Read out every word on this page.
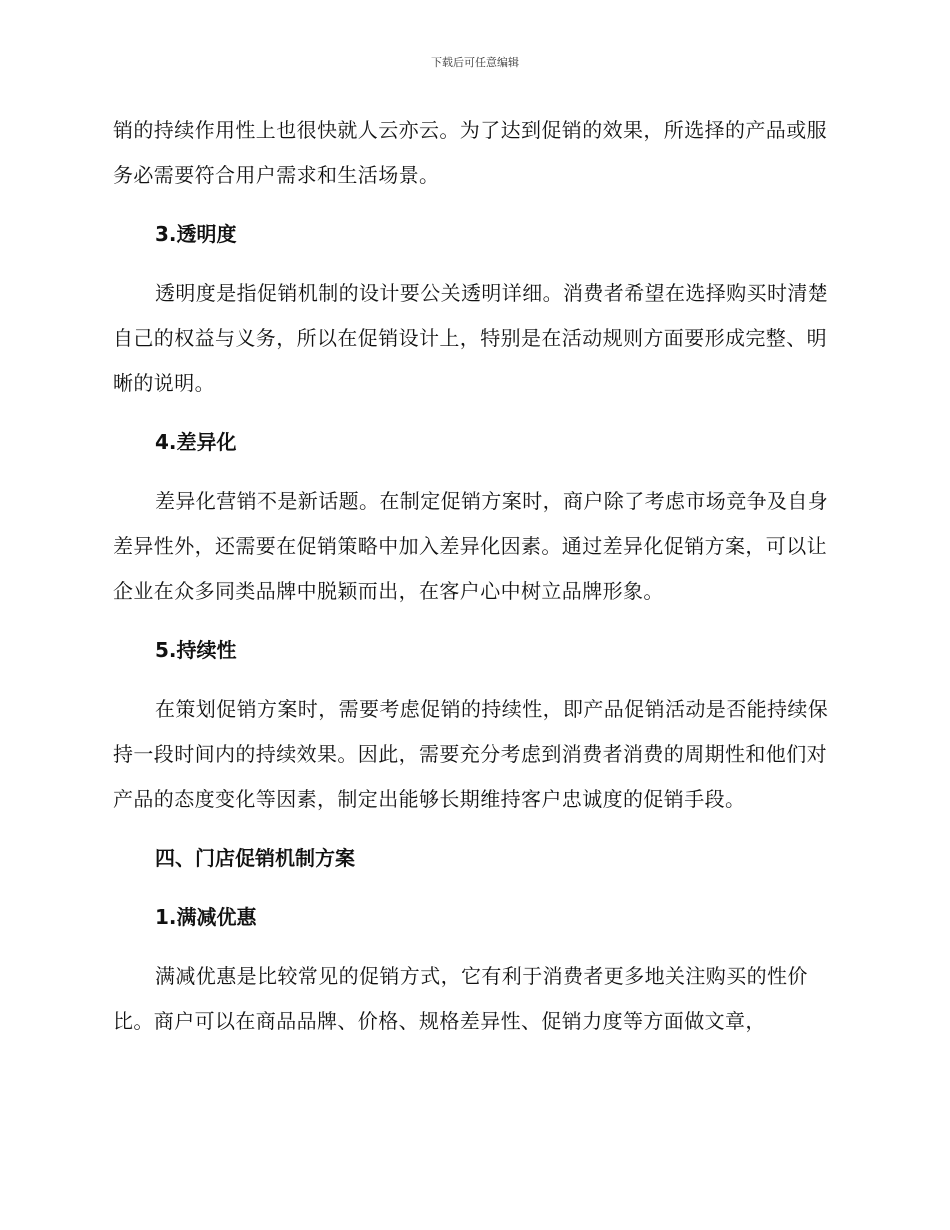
下载后可任意编辑

销的持续作用性上也很快就人云亦云。为了达到促销的效果，所选择的产品或服务必需要符合用户需求和生活场景。

3.透明度

透明度是指促销机制的设计要公关透明详细。消费者希望在选择购买时清楚自己的权益与义务，所以在促销设计上，特别是在活动规则方面要形成完整、明晰的说明。

4.差异化

差异化营销不是新话题。在制定促销方案时，商户除了考虑市场竞争及自身差异性外，还需要在促销策略中加入差异化因素。通过差异化促销方案，可以让企业在众多同类品牌中脱颖而出，在客户心中树立品牌形象。

5.持续性

在策划促销方案时，需要考虑促销的持续性，即产品促销活动是否能持续保持一段时间内的持续效果。因此，需要充分考虑到消费者消费的周期性和他们对产品的态度变化等因素，制定出能够长期维持客户忠诚度的促销手段。

四、门店促销机制方案
1.满减优惠

满减优惠是比较常见的促销方式，它有利于消费者更多地关注购买的性价比。商户可以在商品品牌、价格、规格差异性、促销力度等方面做文章，
